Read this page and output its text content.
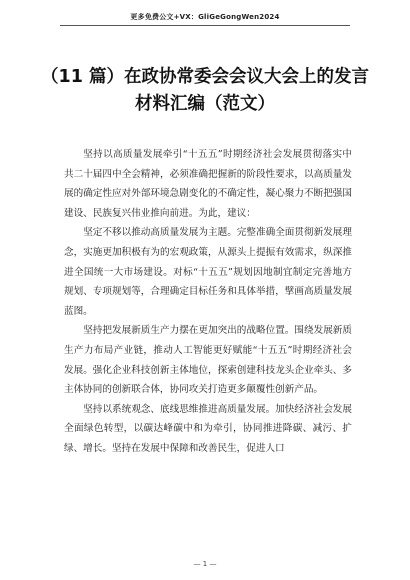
更多免费公文+VX：GliGeGongWen2024
（11 篇）在政协常委会会议大会上的发言
材料汇编（范文）

坚持以高质量发展牵引“十五五”时期经济社会发展贯彻落实中共二十届四中全会精神，必须准确把握新的阶段性要求，以高质量发展的确定性应对外部环境急剧变化的不确定性，凝心聚力不断把强国建设、民族复兴伟业推向前进。为此，建议：

坚定不移以推动高质量发展为主题。完整准确全面贯彻新发展理念，实施更加积极有为的宏观政策，从源头上提振有效需求，纵深推进全国统一大市场建设。对标“十五五”规划因地制宜制定完善地方规划、专项规划等，合理确定目标任务和具体举措，擘画高质量发展蓝图。

坚持把发展新质生产力摆在更加突出的战略位置。围绕发展新质生产力布局产业链，推动人工智能更好赋能“十五五”时期经济社会发展。强化企业科技创新主体地位，探索创建科技龙头企业牵头、多主体协同的创新联合体，协同攻关打造更多颠覆性创新产品。

坚持以系统观念、底线思维推进高质量发展。加快经济社会发展全面绿色转型，以碳达峰碳中和为牵引，协同推进降碳、减污、扩绿、增长。坚持在发展中保障和改善民生，促进人口

— 1 —
